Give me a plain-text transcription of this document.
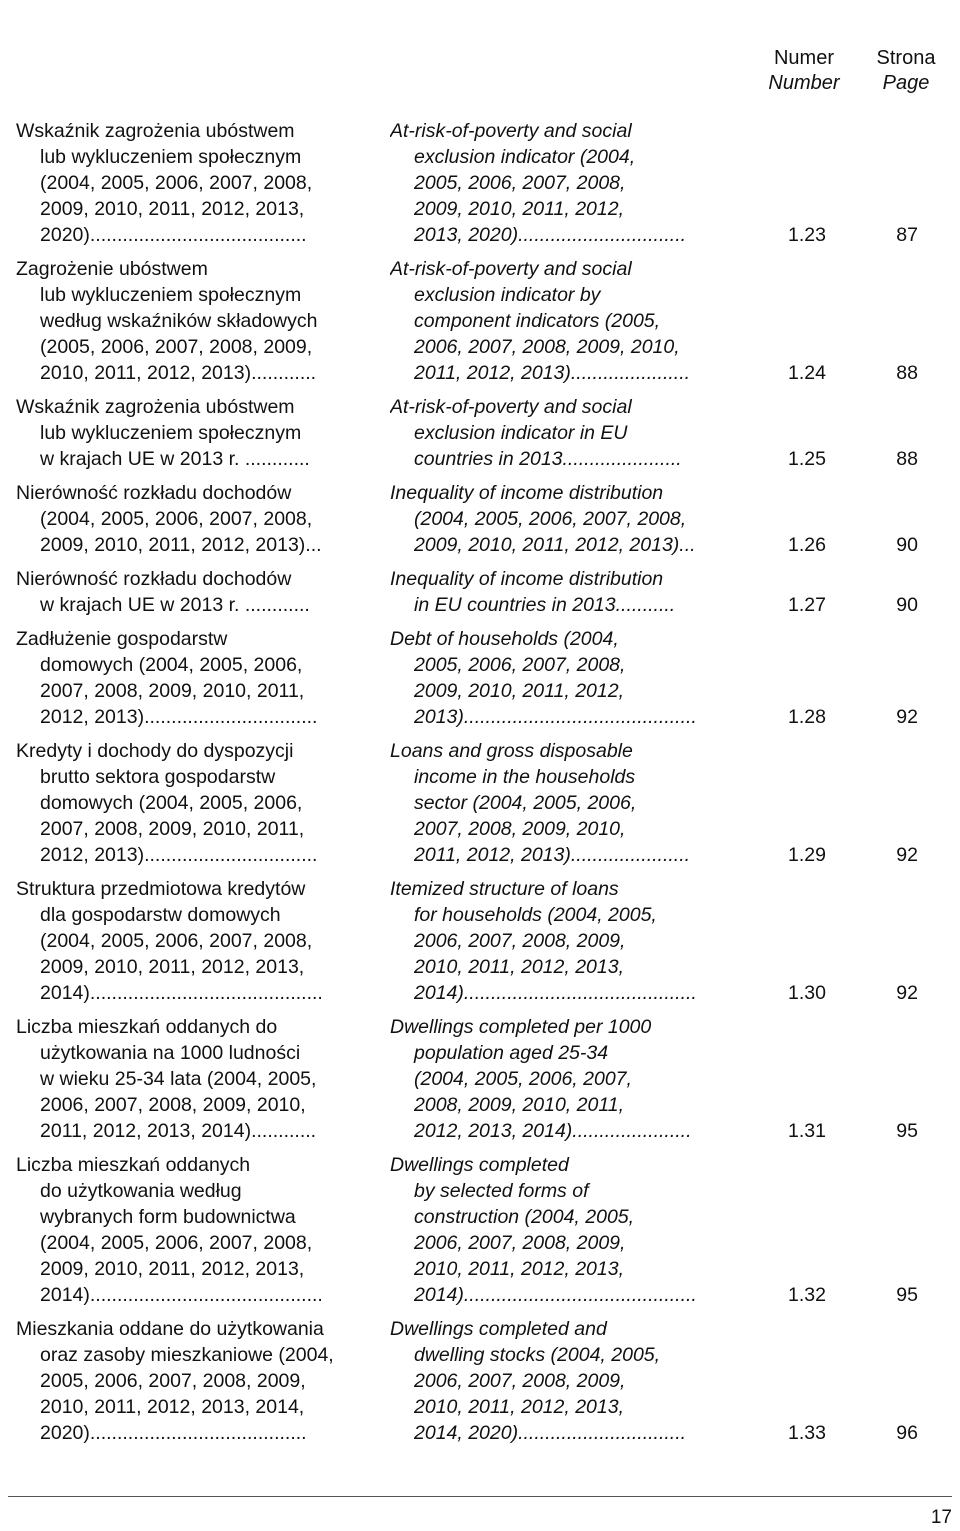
Numer
Number
Strona
Page
Wskaźnik zagrożenia ubóstwem
lub wykluczeniem społecznym
(2004, 2005, 2006, 2007, 2008,
2009, 2010, 2011, 2012, 2013,
2020)........................................
At-risk-of-poverty and social
exclusion indicator (2004,
2005, 2006, 2007, 2008,
2009, 2010, 2011, 2012,
2013, 2020)...............................	1.23	87
Zagrożenie ubóstwem
lub wykluczeniem społecznym
według wskaźników składowych
(2005, 2006, 2007, 2008, 2009,
2010, 2011, 2012, 2013)............
At-risk-of-poverty and social
exclusion indicator by
component indicators (2005,
2006, 2007, 2008, 2009, 2010,
2011, 2012, 2013)......................	1.24	88
Wskaźnik zagrożenia ubóstwem
lub wykluczeniem społecznym
w krajach UE w 2013 r. ............
At-risk-of-poverty and social
exclusion indicator in EU
countries in 2013......................	1.25	88
Nierówność rozkładu dochodów
(2004, 2005, 2006, 2007, 2008,
2009, 2010, 2011, 2012, 2013)...
Inequality of income distribution
(2004, 2005, 2006, 2007, 2008,
2009, 2010, 2011, 2012, 2013)...	1.26	90
Nierówność rozkładu dochodów
w krajach UE w 2013 r. ............
Inequality of income distribution
in EU countries in 2013...........	1.27	90
Zadłużenie gospodarstw
domowych (2004, 2005, 2006,
2007, 2008, 2009, 2010, 2011,
2012, 2013)................................
Debt of households (2004,
2005, 2006, 2007, 2008,
2009, 2010, 2011, 2012,
2013)...........................................	1.28	92
Kredyty i dochody do dyspozycji
brutto sektora gospodarstw
domowych (2004, 2005, 2006,
2007, 2008, 2009, 2010, 2011,
2012, 2013)................................
Loans and gross disposable
income in the households
sector (2004, 2005, 2006,
2007, 2008, 2009, 2010,
2011, 2012, 2013)......................	1.29	92
Struktura przedmiotowa kredytów
dla gospodarstw domowych
(2004, 2005, 2006, 2007, 2008,
2009, 2010, 2011, 2012, 2013,
2014)...........................................
Itemized structure of loans
for households (2004, 2005,
2006, 2007, 2008, 2009,
2010, 2011, 2012, 2013,
2014)...........................................	1.30	92
Liczba mieszkań oddanych do
użytkowania na 1000 ludności
w wieku 25-34 lata (2004, 2005,
2006, 2007, 2008, 2009, 2010,
2011, 2012, 2013, 2014)............
Dwellings completed per 1000
population aged 25-34
(2004, 2005, 2006, 2007,
2008, 2009, 2010, 2011,
2012, 2013, 2014)......................	1.31	95
Liczba mieszkań oddanych
do użytkowania według
wybranych form budownictwa
(2004, 2005, 2006, 2007, 2008,
2009, 2010, 2011, 2012, 2013,
2014)...........................................
Dwellings completed
by selected forms of
construction (2004, 2005,
2006, 2007, 2008, 2009,
2010, 2011, 2012, 2013,
2014)...........................................	1.32	95
Mieszkania oddane do użytkowania
oraz zasoby mieszkaniowe (2004,
2005, 2006, 2007, 2008, 2009,
2010, 2011, 2012, 2013, 2014,
2020)........................................
Dwellings completed and
dwelling stocks (2004, 2005,
2006, 2007, 2008, 2009,
2010, 2011, 2012, 2013,
2014, 2020)...............................	1.33	96
17
